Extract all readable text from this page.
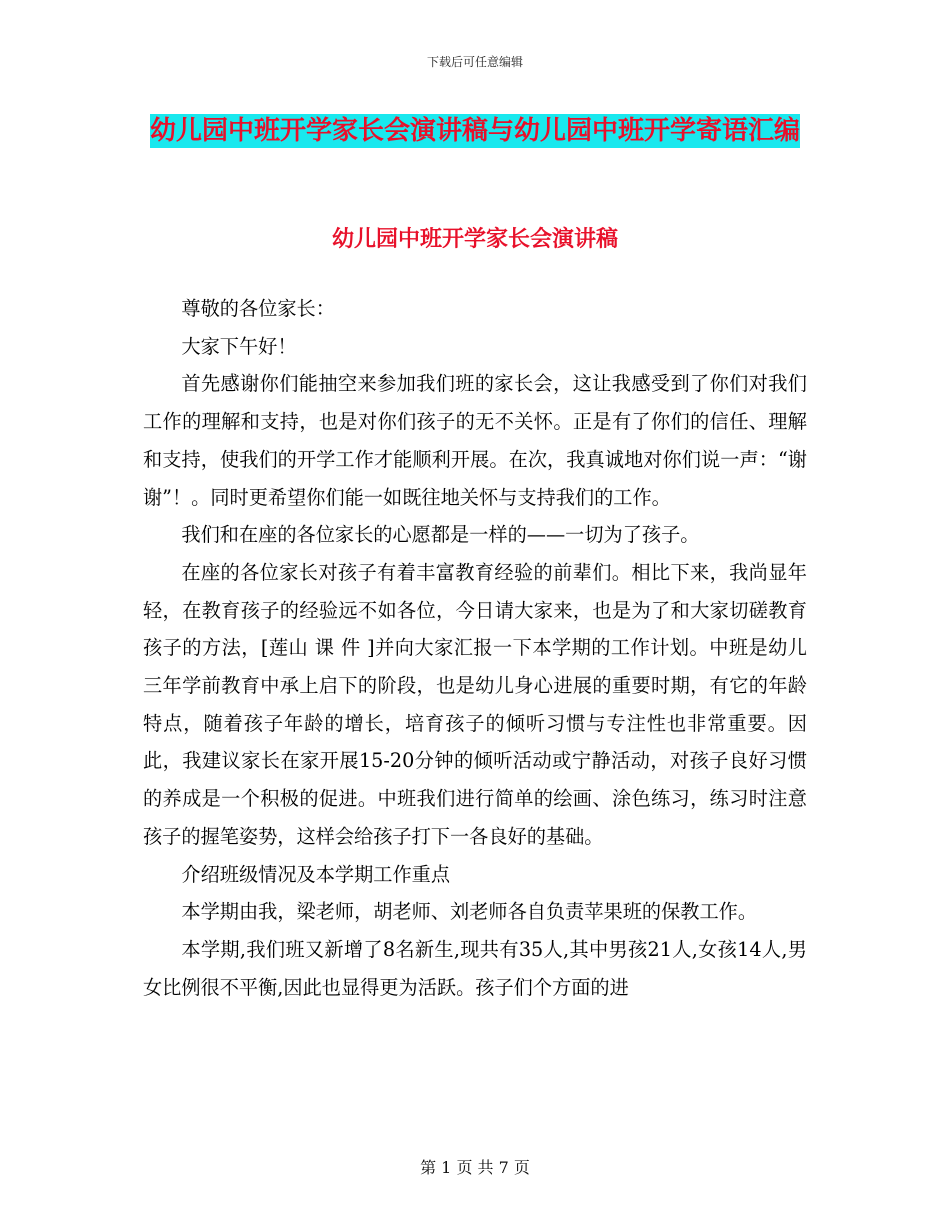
下载后可任意编辑
幼儿园中班开学家长会演讲稿与幼儿园中班开学寄语汇编
幼儿园中班开学家长会演讲稿

尊敬的各位家长：

大家下午好！

首先感谢你们能抽空来参加我们班的家长会，这让我感受到了你们对我们工作的理解和支持，也是对你们孩子的无不关怀。正是有了你们的信任、理解和支持，使我们的开学工作才能顺利开展。在次，我真诚地对你们说一声：“谢谢”！。同时更希望你们能一如既往地关怀与支持我们的工作。

我们和在座的各位家长的心愿都是一样的——一切为了孩子。

在座的各位家长对孩子有着丰富教育经验的前辈们。相比下来，我尚显年轻，在教育孩子的经验远不如各位，今日请大家来，也是为了和大家切磋教育孩子的方法，[莲山 课 件 ]并向大家汇报一下本学期的工作计划。中班是幼儿三年学前教育中承上启下的阶段，也是幼儿身心进展的重要时期，有它的年龄特点，随着孩子年龄的增长，培育孩子的倾听习惯与专注性也非常重要。因此，我建议家长在家开展15-20分钟的倾听活动或宁静活动，对孩子良好习惯的养成是一个积极的促进。中班我们进行简单的绘画、涂色练习，练习时注意孩子的握笔姿势，这样会给孩子打下一各良好的基础。

介绍班级情况及本学期工作重点

本学期由我，梁老师，胡老师、刘老师各自负责苹果班的保教工作。

本学期,我们班又新增了8名新生,现共有35人,其中男孩21人,女孩14人,男女比例很不平衡,因此也显得更为活跃。孩子们个方面的进

第 1 页 共 7 页
